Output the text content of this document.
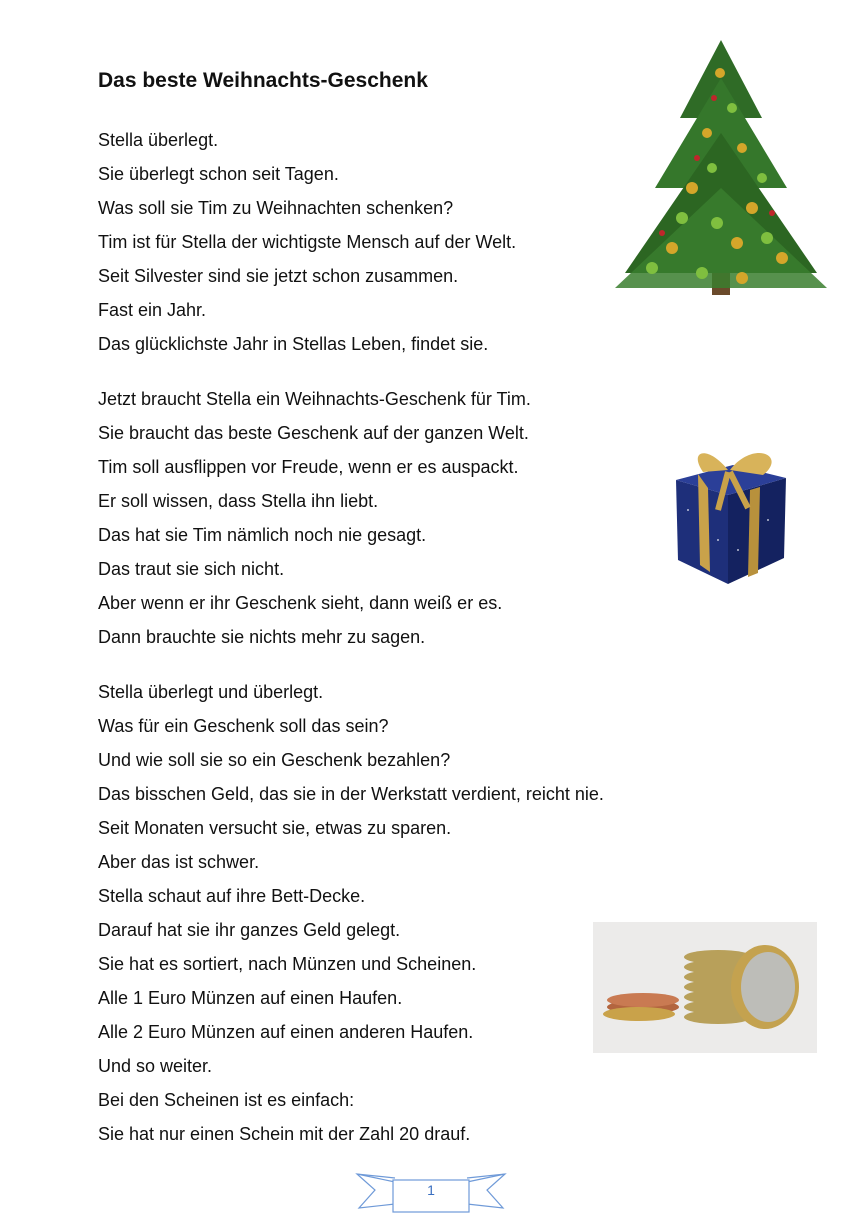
Das beste Weihnachts-Geschenk
Stella überlegt.
Sie überlegt schon seit Tagen.
Was soll sie Tim zu Weihnachten schenken?
Tim ist für Stella der wichtigste Mensch auf der Welt.
Seit Silvester sind sie jetzt schon zusammen.
Fast ein Jahr.
Das glücklichste Jahr in Stellas Leben, findet sie.
Jetzt braucht Stella ein Weihnachts-Geschenk für Tim.
Sie braucht das beste Geschenk auf der ganzen Welt.
Tim soll ausflippen vor Freude, wenn er es auspackt.
Er soll wissen, dass Stella ihn liebt.
Das hat sie Tim nämlich noch nie gesagt.
Das traut sie sich nicht.
Aber wenn er ihr Geschenk sieht, dann weiß er es.
Dann brauchte sie nichts mehr zu sagen.
Stella überlegt und überlegt.
Was für ein Geschenk soll das sein?
Und wie soll sie so ein Geschenk bezahlen?
Das bisschen Geld, das sie in der Werkstatt verdient, reicht nie.
Seit Monaten versucht sie, etwas zu sparen.
Aber das ist schwer.
Stella schaut auf ihre Bett-Decke.
Darauf hat sie ihr ganzes Geld gelegt.
Sie hat es sortiert, nach Münzen und Scheinen.
Alle 1 Euro Münzen auf einen Haufen.
Alle 2 Euro Münzen auf einen anderen Haufen.
Und so weiter.
Bei den Scheinen ist es einfach:
Sie hat nur einen Schein mit der Zahl 20 drauf.
1
